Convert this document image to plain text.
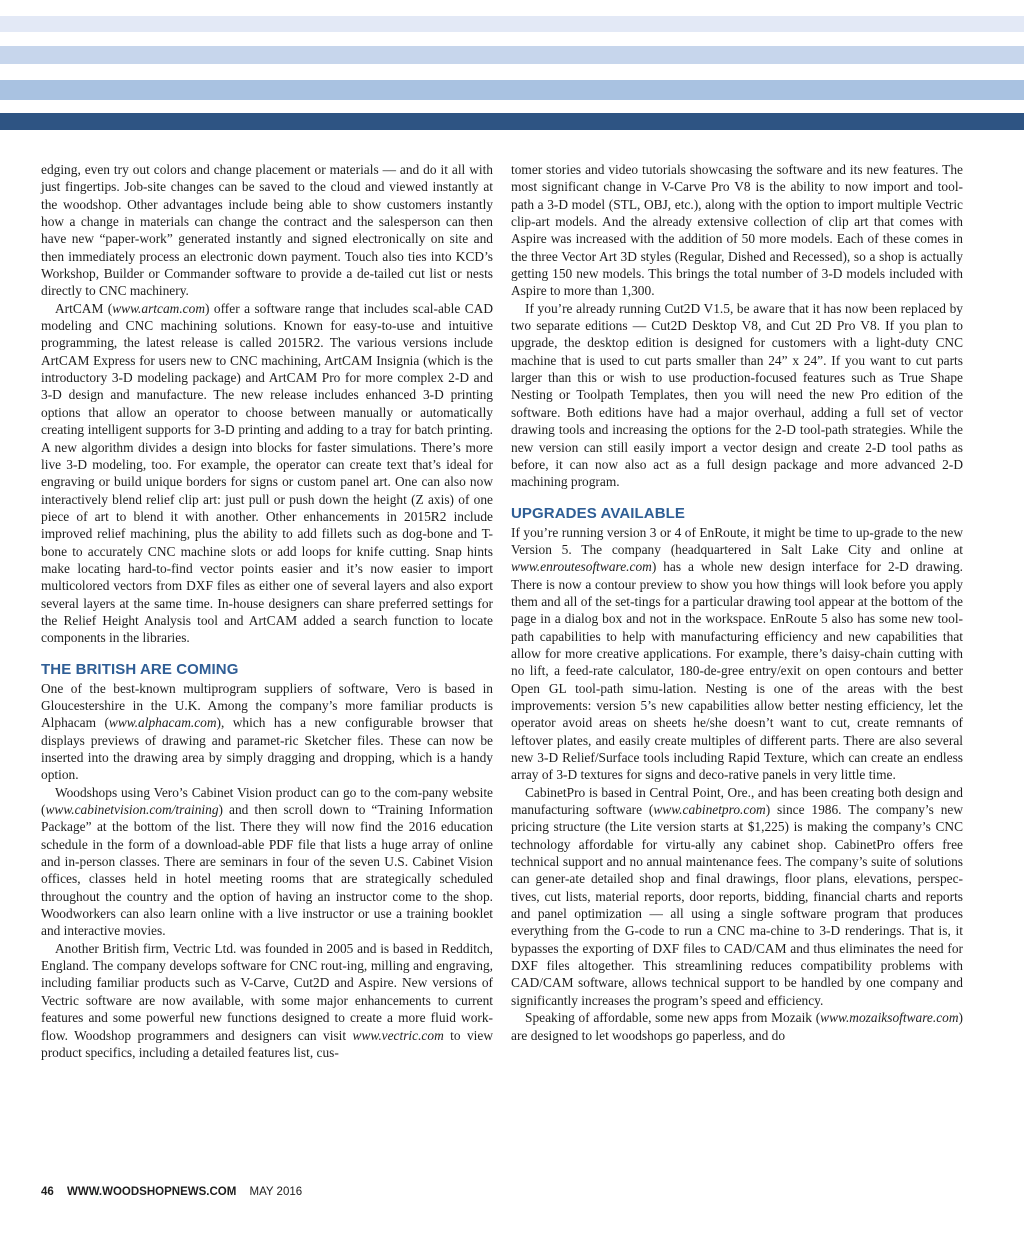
edging, even try out colors and change placement or materials — and do it all with just fingertips. Job-site changes can be saved to the cloud and viewed instantly at the woodshop. Other advantages include being able to show customers instantly how a change in materials can change the contract and the salesperson can then have new “paper-work” generated instantly and signed electronically on site and then immediately process an electronic down payment. Touch also ties into KCD’s Workshop, Builder or Commander software to provide a de-tailed cut list or nests directly to CNC machinery.

ArtCAM (www.artcam.com) offer a software range that includes scal-able CAD modeling and CNC machining solutions. Known for easy-to-use and intuitive programming, the latest release is called 2015R2. The various versions include ArtCAM Express for users new to CNC machining, ArtCAM Insignia (which is the introductory 3-D modeling package) and ArtCAM Pro for more complex 2-D and 3-D design and manufacture. The new release includes enhanced 3-D printing options that allow an operator to choose between manually or automatically creating intelligent supports for 3-D printing and adding to a tray for batch printing. A new algorithm divides a design into blocks for faster simulations. There’s more live 3-D modeling, too. For example, the operator can create text that’s ideal for engraving or build unique borders for signs or custom panel art. One can also now interactively blend relief clip art: just pull or push down the height (Z axis) of one piece of art to blend it with another. Other enhancements in 2015R2 include improved relief machining, plus the ability to add fillets such as dog-bone and T-bone to accurately CNC machine slots or add loops for knife cutting. Snap hints make locating hard-to-find vector points easier and it’s now easier to import multicolored vectors from DXF files as either one of several layers and also export several layers at the same time. In-house designers can share preferred settings for the Relief Height Analysis tool and ArtCAM added a search function to locate components in the libraries.

THE BRITISH ARE COMING

One of the best-known multiprogram suppliers of software, Vero is based in Gloucestershire in the U.K. Among the company’s more familiar products is Alphacam (www.alphacam.com), which has a new configurable browser that displays previews of drawing and paramet-ric Sketcher files. These can now be inserted into the drawing area by simply dragging and dropping, which is a handy option.

Woodshops using Vero’s Cabinet Vision product can go to the com-pany website (www.cabinetvision.com/training) and then scroll down to “Training Information Package” at the bottom of the list. There they will now find the 2016 education schedule in the form of a download-able PDF file that lists a huge array of online and in-person classes. There are seminars in four of the seven U.S. Cabinet Vision offices, classes held in hotel meeting rooms that are strategically scheduled throughout the country and the option of having an instructor come to the shop. Woodworkers can also learn online with a live instructor or use a training booklet and interactive movies.

Another British firm, Vectric Ltd. was founded in 2005 and is based in Redditch, England. The company develops software for CNC rout-ing, milling and engraving, including familiar products such as V-Carve, Cut2D and Aspire. New versions of Vectric software are now available, with some major enhancements to current features and some powerful new functions designed to create a more fluid work-flow. Woodshop programmers and designers can visit www.vectric.com to view product specifics, including a detailed features list, cus-

tomer stories and video tutorials showcasing the software and its new features. The most significant change in V-Carve Pro V8 is the ability to now import and tool-path a 3-D model (STL, OBJ, etc.), along with the option to import multiple Vectric clip-art models. And the already extensive collection of clip art that comes with Aspire was increased with the addition of 50 more models. Each of these comes in the three Vector Art 3D styles (Regular, Dished and Recessed), so a shop is actually getting 150 new models. This brings the total number of 3-D models included with Aspire to more than 1,300.

If you’re already running Cut2D V1.5, be aware that it has now been replaced by two separate editions — Cut2D Desktop V8, and Cut 2D Pro V8. If you plan to upgrade, the desktop edition is designed for customers with a light-duty CNC machine that is used to cut parts smaller than 24” x 24”. If you want to cut parts larger than this or wish to use production-focused features such as True Shape Nesting or Toolpath Templates, then you will need the new Pro edition of the software. Both editions have had a major overhaul, adding a full set of vector drawing tools and increasing the options for the 2-D tool-path strategies. While the new version can still easily import a vector design and create 2-D tool paths as before, it can now also act as a full design package and more advanced 2-D machining program.

UPGRADES AVAILABLE

If you’re running version 3 or 4 of EnRoute, it might be time to up-grade to the new Version 5. The company (headquartered in Salt Lake City and online at www.enroutesoftware.com) has a whole new design interface for 2-D drawing. There is now a contour preview to show you how things will look before you apply them and all of the set-tings for a particular drawing tool appear at the bottom of the page in a dialog box and not in the workspace. EnRoute 5 also has some new tool-path capabilities to help with manufacturing efficiency and new capabilities that allow for more creative applications. For example, there’s daisy-chain cutting with no lift, a feed-rate calculator, 180-de-gree entry/exit on open contours and better Open GL tool-path simu-lation. Nesting is one of the areas with the best improvements: version 5’s new capabilities allow better nesting efficiency, let the operator avoid areas on sheets he/she doesn’t want to cut, create remnants of leftover plates, and easily create multiples of different parts. There are also several new 3-D Relief/Surface tools including Rapid Texture, which can create an endless array of 3-D textures for signs and deco-rative panels in very little time.

CabinetPro is based in Central Point, Ore., and has been creating both design and manufacturing software (www.cabinetpro.com) since 1986. The company’s new pricing structure (the Lite version starts at $1,225) is making the company’s CNC technology affordable for virtu-ally any cabinet shop. CabinetPro offers free technical support and no annual maintenance fees. The company’s suite of solutions can gener-ate detailed shop and final drawings, floor plans, elevations, perspec-tives, cut lists, material reports, door reports, bidding, financial charts and reports and panel optimization — all using a single software program that produces everything from the G-code to run a CNC ma-chine to 3-D renderings. That is, it bypasses the exporting of DXF files to CAD/CAM and thus eliminates the need for DXF files altogether. This streamlining reduces compatibility problems with CAD/CAM software, allows technical support to be handled by one company and significantly increases the program’s speed and efficiency.

Speaking of affordable, some new apps from Mozaik (www.mozaiksoftware.com) are designed to let woodshops go paperless, and do

46 WWW.WOODSHOPNEWS.COM MAY 2016
